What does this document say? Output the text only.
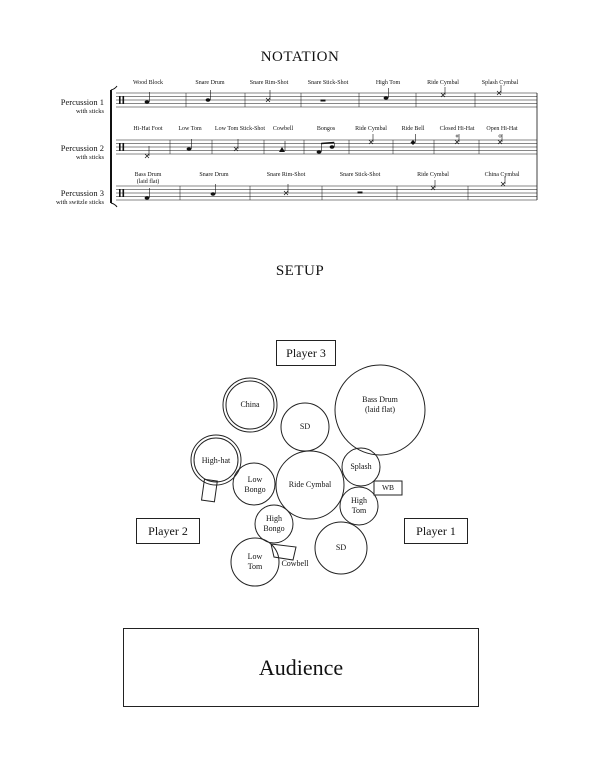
NOTATION
SETUP
Percussion 1
with sticks
Percussion 2
with sticks
Percussion 3
with switzle sticks
Wood Block	Snare Drum	Snare Rim-Shot	Snare Stick-Shot	High Tom	Ride Cymbal	Splash Cymbal
Hi-Hat Foot	Low Tom Low Tom Stick-Shot Cowbell	Bongos	Ride Cymbal Ride Bell	Closed Hi-Hat Open Hi-Hat
Bass Drum
(laid flat)
Snare Drum	Snare Rim-Shot	Snare Stick-Shot	Ride Cymbal	China Cymbal
China
SD
Bass Drum
(laid flat)
High-hat
Low
Bongo
Ride Cymbal
Splash
WB
High
Tom
High
Bongo
SD
Low
Tom Cowbell
Player 3
Player 2	Player 1
Audience
